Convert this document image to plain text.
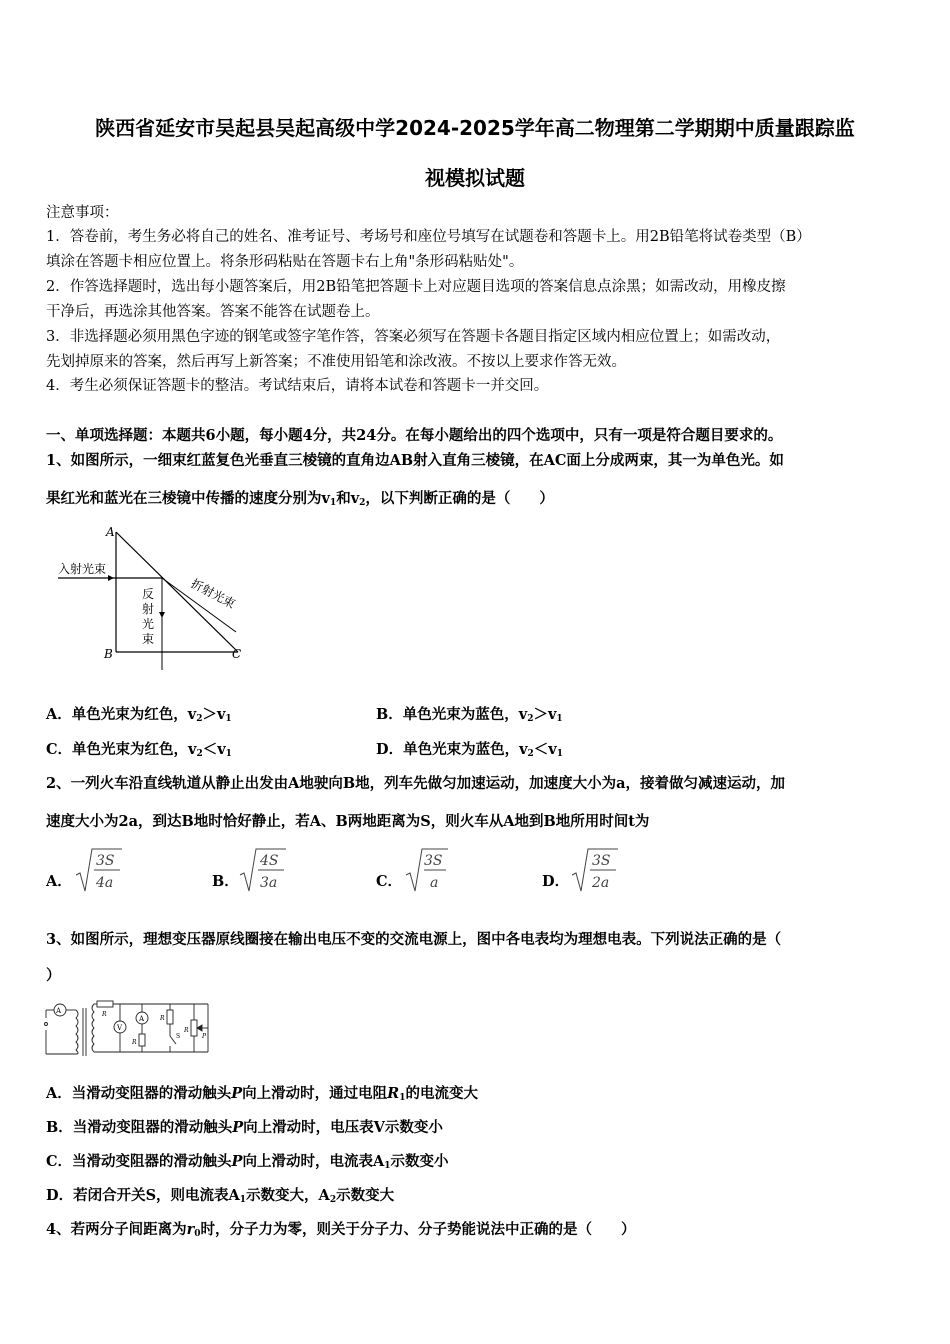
陕西省延安市吴起县吴起高级中学2024-2025学年高二物理第二学期期中质量跟踪监
视模拟试题
注意事项：
1．答卷前，考生务必将自己的姓名、准考证号、考场号和座位号填写在试题卷和答题卡上。用2B铅笔将试卷类型（B）
填涂在答题卡相应位置上。将条形码粘贴在答题卡右上角"条形码粘贴处"。
2．作答选择题时，选出每小题答案后，用2B铅笔把答题卡上对应题目选项的答案信息点涂黑；如需改动，用橡皮擦
干净后，再选涂其他答案。答案不能答在试题卷上。
3．非选择题必须用黑色字迹的钢笔或签字笔作答，答案必须写在答题卡各题目指定区域内相应位置上；如需改动，
先划掉原来的答案，然后再写上新答案；不准使用铅笔和涂改液。不按以上要求作答无效。
4．考生必须保证答题卡的整洁。考试结束后，请将本试卷和答题卡一并交回。
一、单项选择题：本题共6小题，每小题4分，共24分。在每小题给出的四个选项中，只有一项是符合题目要求的。
1、如图所示，一细束红蓝复色光垂直三棱镜的直角边AB射入直角三棱镜，在AC面上分成两束，其一为单色光。如
果红光和蓝光在三棱镜中传播的速度分别为$v_1$和$v_2$，以下判断正确的是（　　）
A
B	C
入射光束
折射光束
反
射
光
束
A．单色光束为红色，$v_2>v_1$	B．单色光束为蓝色，$v_2>v_1$
C．单色光束为红色，$v_2<v_1$	D．单色光束为蓝色，$v_2<v_1$
2、一列火车沿直线轨道从静止出发由A地驶向B地，列车先做匀加速运动，加速度大小为a，接着做匀减速运动，加
速度大小为2a，到达B地时恰好静止，若A、B两地距离为S，则火车从A地到B地所用时间t为
A．
3S
4a	B．
4S
3a	C．
3S
a	D．
3S
2a
3、如图所示，理想变压器原线圈接在输出电压不变的交流电源上，图中各电表均为理想电表。下列说法正确的是（
）
A
V
A
R
R
R
R
S	P
A．当滑动变阻器的滑动触头P向上滑动时，通过电阻$R_1$的电流变大
B．当滑动变阻器的滑动触头P向上滑动时，电压表V示数变小
C．当滑动变阻器的滑动触头P向上滑动时，电流表$A_1$示数变小
D．若闭合开关S，则电流表$A_1$示数变大，$A_2$示数变大
4、若两分子间距离为$r_0$时，分子力为零，则关于分子力、分子势能说法中正确的是（　　）
